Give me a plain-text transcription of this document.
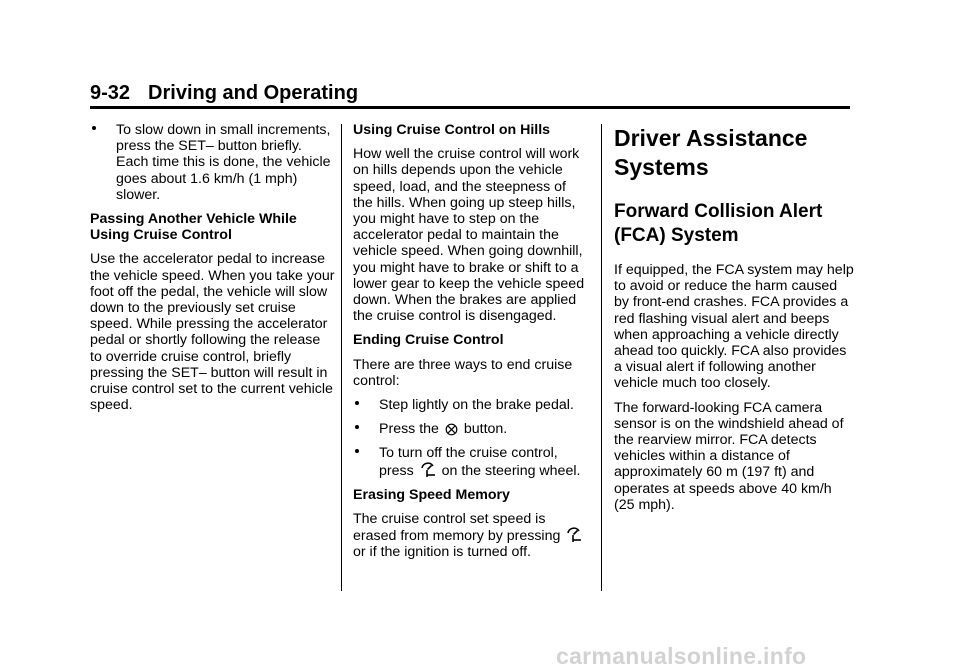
9-32 Driving and Operating
To slow down in small increments, press the SET– button briefly. Each time this is done, the vehicle goes about 1.6 km/h (1 mph) slower.

Passing Another Vehicle While Using Cruise Control

Use the accelerator pedal to increase the vehicle speed. When you take your foot off the pedal, the vehicle will slow down to the previously set cruise speed. While pressing the accelerator pedal or shortly following the release to override cruise control, briefly pressing the SET– button will result in cruise control set to the current vehicle speed.

Using Cruise Control on Hills

How well the cruise control will work on hills depends upon the vehicle speed, load, and the steepness of the hills. When going up steep hills, you might have to step on the accelerator pedal to maintain the vehicle speed. When going downhill, you might have to brake or shift to a lower gear to keep the vehicle speed down. When the brakes are applied the cruise control is disengaged.

Ending Cruise Control

There are three ways to end cruise control:

Step lightly on the brake pedal.
Press the button.
To turn off the cruise control, press on the steering wheel.

Erasing Speed Memory

The cruise control set speed is erased from memory by pressing
or if the ignition is turned off.

Driver Assistance Systems
Forward Collision Alert (FCA) System

If equipped, the FCA system may help to avoid or reduce the harm caused by front-end crashes. FCA provides a red flashing visual alert and beeps when approaching a vehicle directly ahead too quickly. FCA also provides a visual alert if following another vehicle much too closely.

The forward-looking FCA camera sensor is on the windshield ahead of the rearview mirror. FCA detects vehicles within a distance of approximately 60 m (197 ft) and operates at speeds above 40 km/h (25 mph).

carmanualsonline.info
